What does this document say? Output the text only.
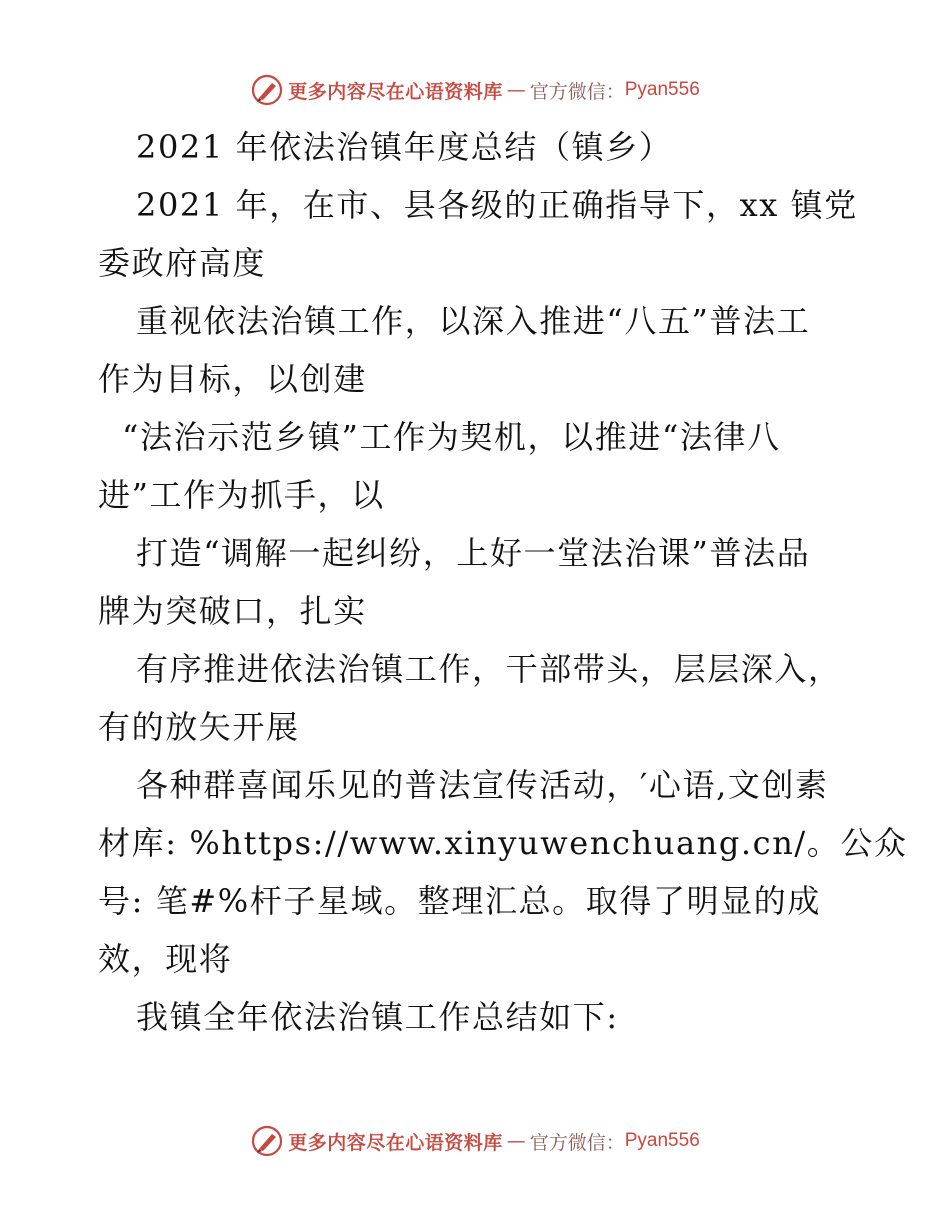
更多内容尽在心语资料库 — 官方微信： Pyan556
2021 年依法治镇年度总结（镇乡）
2021 年，在市、县各级的正确指导下，xx 镇党
委政府高度
重视依法治镇工作，以深入推进“八五”普法工
作为目标，以创建
“法治示范乡镇”工作为契机，以推进“法律八
进”工作为抓手，以
打造“调解一起纠纷，上好一堂法治课”普法品
牌为突破口，扎实
有序推进依法治镇工作，干部带头，层层深入，
有的放矢开展
各种群喜闻乐见的普法宣传活动，′心语,文创素
材库: %https://www.xinyuwenchuang.cn/。公众
号: 笔#%杆子星域。整理汇总。取得了明显的成
效，现将
我镇全年依法治镇工作总结如下:
更多内容尽在心语资料库 — 官方微信： Pyan556
